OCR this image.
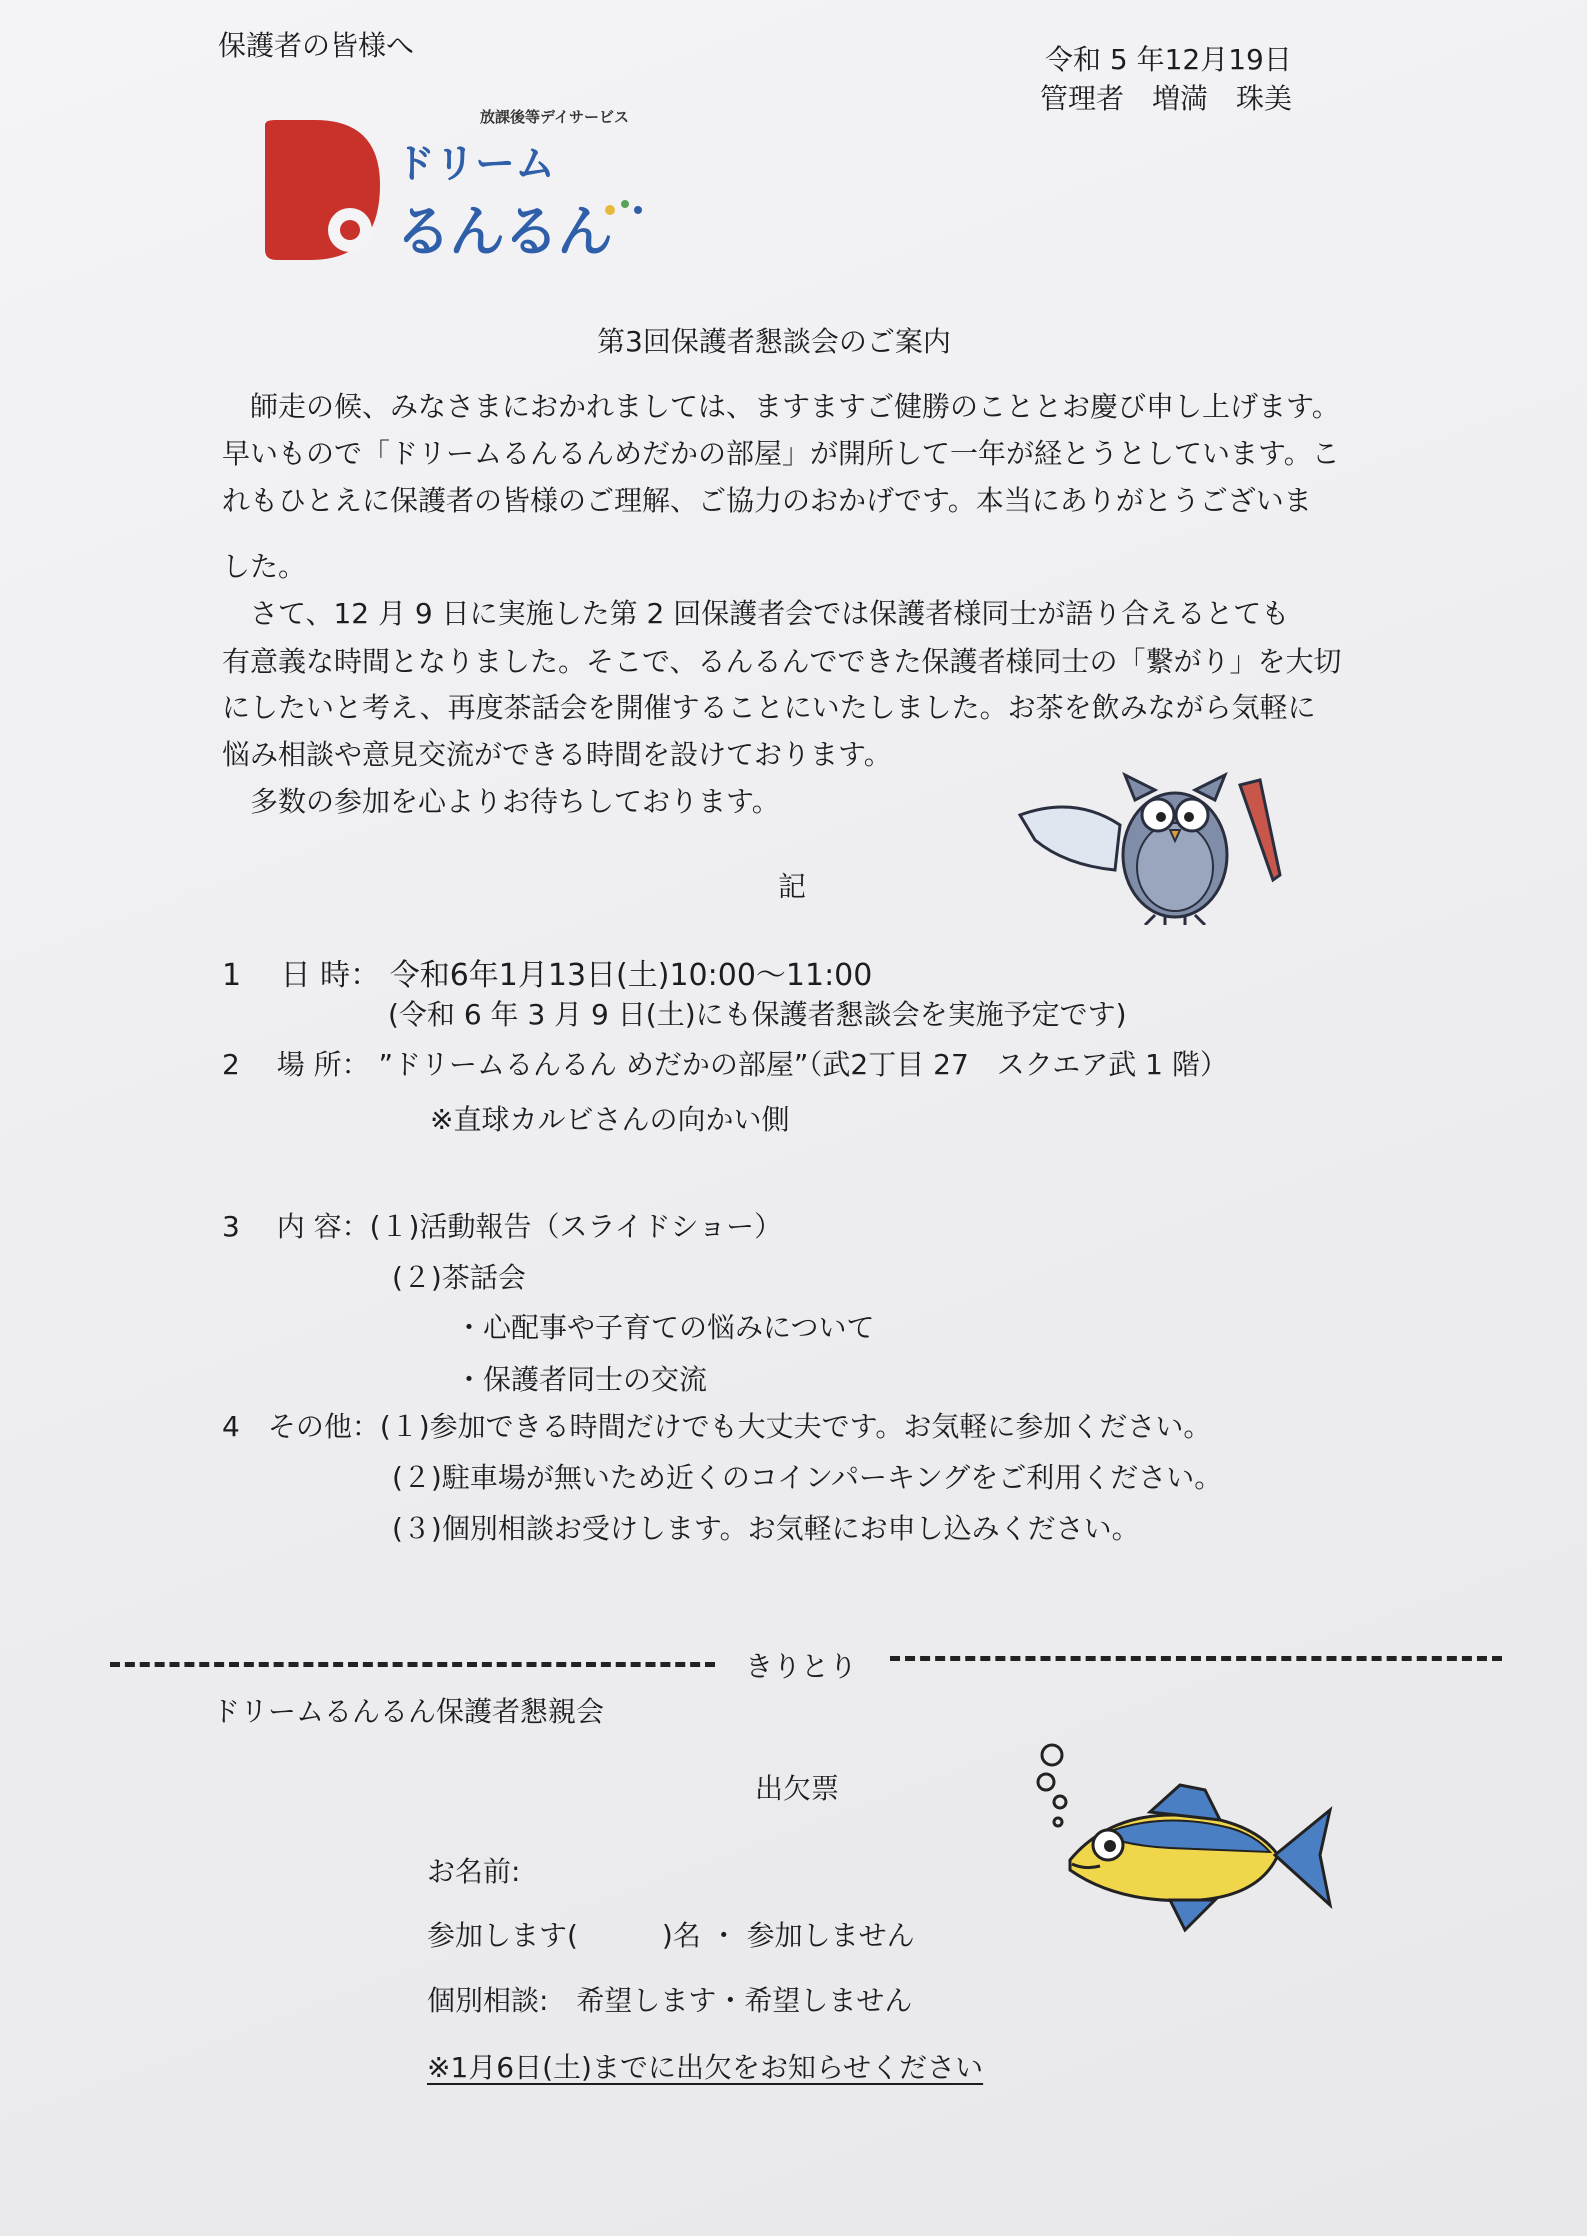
保護者の皆様へ	令和 5 年12月19日
管理者　増満　珠美
放課後等デイサービス
ドリーム
るんるん
第3回保護者懇談会のご案内
　師走の候、みなさまにおかれましては、ますますご健勝のこととお慶び申し上げます。
早いもので「ドリームるんるんめだかの部屋」が開所して一年が経とうとしています。こ
れもひとえに保護者の皆様のご理解、ご協力のおかげです。本当にありがとうございま
した。
　さて、12 月 9 日に実施した第 2 回保護者会では保護者様同士が語り合えるとても
有意義な時間となりました。そこで、るんるんでできた保護者様同士の「繋がり」を大切
にしたいと考え、再度茶話会を開催することにいたしました。お茶を飲みながら気軽に
悩み相談や意見交流ができる時間を設けております。
　多数の参加を心よりお待ちしております。
記
1　 日 時： 令和6年1月13日(土)10:00～11:00
(令和 6 年 3 月 9 日(土)にも保護者懇談会を実施予定です)
2　 場 所： ”ドリームるんるん めだかの部屋”（武2丁目 27　スクエア武 1 階）
※直球カルビさんの向かい側
3　 内 容：(１)活動報告（スライドショー）
(２)茶話会
・心配事や子育ての悩みについて
・保護者同士の交流
4　その他：(１)参加できる時間だけでも大丈夫です。お気軽に参加ください。
(２)駐車場が無いため近くのコインパーキングをご利用ください。
(３)個別相談お受けします。お気軽にお申し込みください。
きりとり
ドリームるんるん保護者懇親会
出欠票
お名前:
参加します(　　　)名 ・ 参加しません
個別相談:　希望します・希望しません
※1月6日(土)までに出欠をお知らせください
